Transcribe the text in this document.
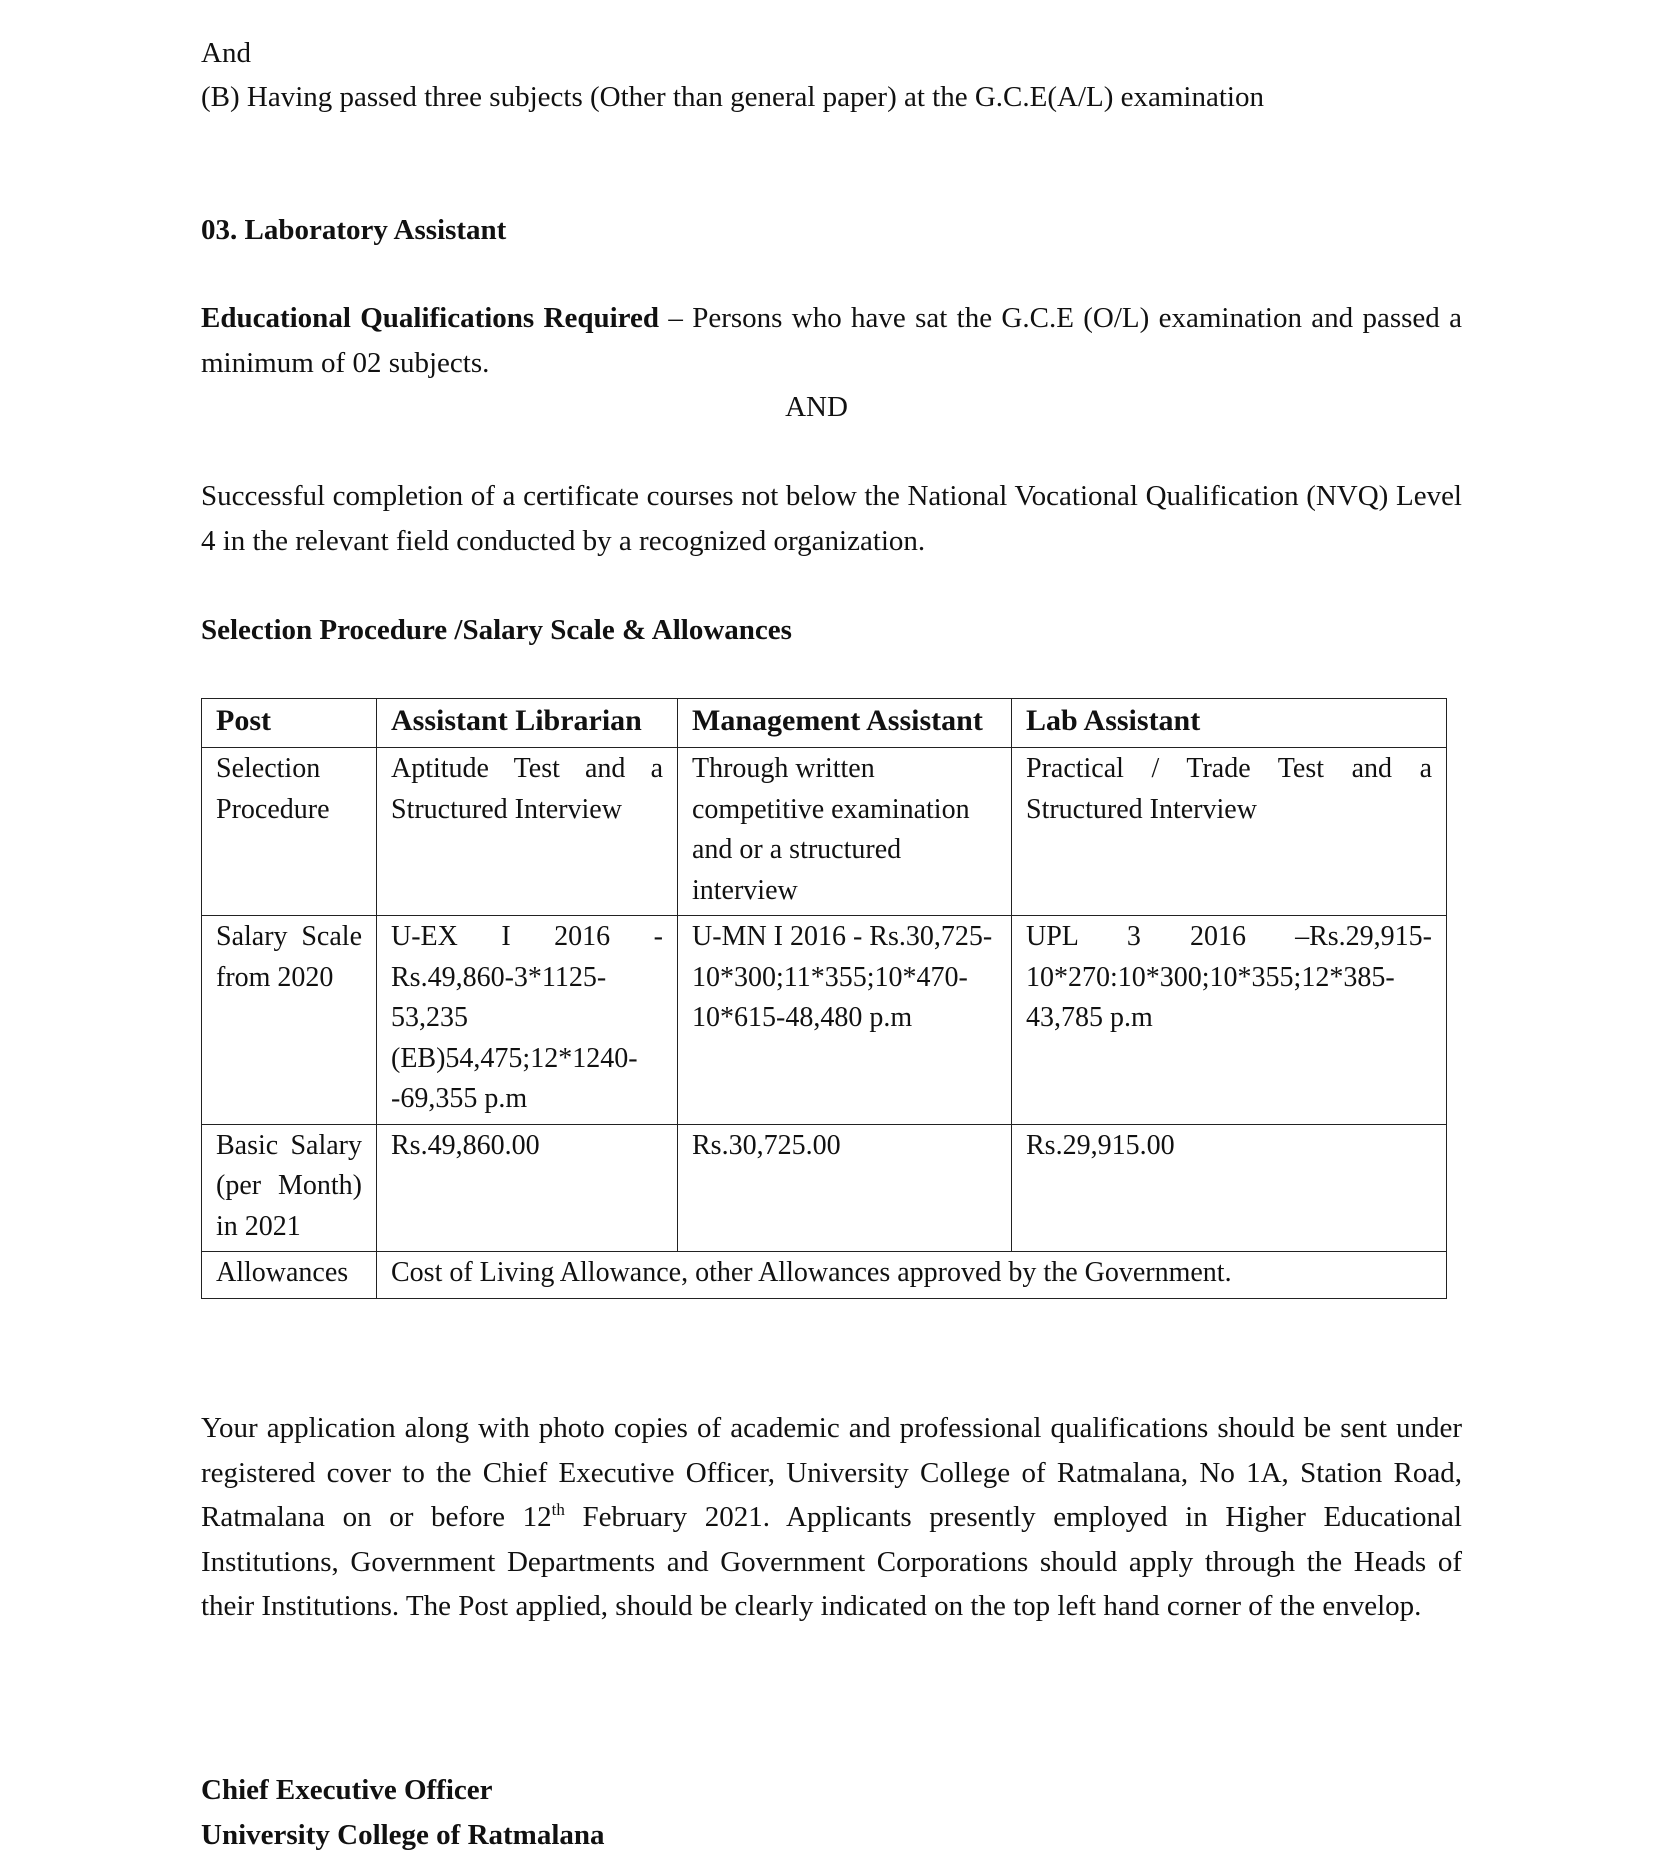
And

(B) Having passed three subjects (Other than general paper) at the G.C.E(A/L) examination

03. Laboratory Assistant

Educational Qualifications Required – Persons who have sat the G.C.E (O/L) examination and passed a minimum of 02 subjects.

AND

Successful completion of a certificate courses not below the National Vocational Qualification (NVQ) Level 4 in the relevant field conducted by a recognized organization.

Selection Procedure /Salary Scale & Allowances

Post	Assistant Librarian	Management Assistant	Lab Assistant
Selection Procedure	Aptitude Test and a Structured Interview	Through written competitive examination and or a structured interview	Practical / Trade Test and a Structured Interview
Salary Scale from 2020	U-EX I 2016 - Rs.49,860-3*1125-53,235 (EB)54,475;12*1240--69,355 p.m	U-MN I 2016 - Rs.30,725-10*300;11*355;10*470-10*615-48,480 p.m	UPL 3 2016 –Rs.29,915-10*270:10*300;10*355;12*385-43,785 p.m
Basic Salary (per Month) in 2021	Rs.49,860.00	Rs.30,725.00	Rs.29,915.00
Allowances	Cost of Living Allowance, other Allowances approved by the Government.		

Your application along with photo copies of academic and professional qualifications should be sent under registered cover to the Chief Executive Officer, University College of Ratmalana, No 1A, Station Road, Ratmalana on or before 12th February 2021. Applicants presently employed in Higher Educational Institutions, Government Departments and Government Corporations should apply through the Heads of their Institutions. The Post applied, should be clearly indicated on the top left hand corner of the envelop.

Chief Executive Officer

University College of Ratmalana
